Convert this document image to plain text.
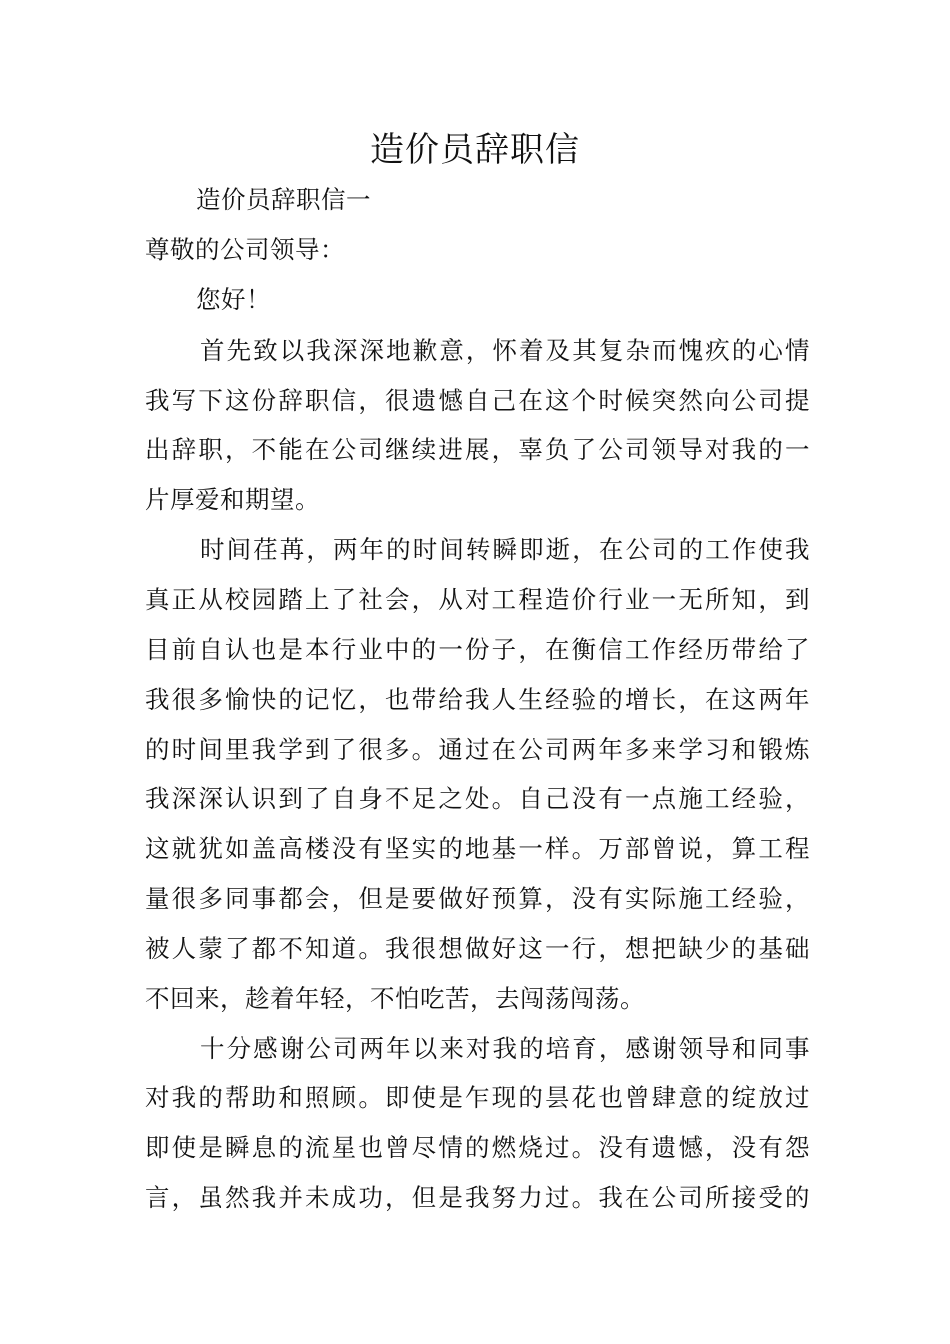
造价员辞职信

造价员辞职信一

尊敬的公司领导：

您好！

首先致以我深深地歉意，怀着及其复杂而愧疚的心情

我写下这份辞职信，很遗憾自己在这个时候突然向公司提

出辞职，不能在公司继续进展，辜负了公司领导对我的一

片厚爱和期望。

时间荏苒，两年的时间转瞬即逝，在公司的工作使我

真正从校园踏上了社会，从对工程造价行业一无所知，到

目前自认也是本行业中的一份子，在衡信工作经历带给了

我很多愉快的记忆，也带给我人生经验的增长，在这两年

的时间里我学到了很多。通过在公司两年多来学习和锻炼

我深深认识到了自身不足之处。自己没有一点施工经验，

这就犹如盖高楼没有坚实的地基一样。万部曾说，算工程

量很多同事都会，但是要做好预算，没有实际施工经验，

被人蒙了都不知道。我很想做好这一行，想把缺少的基础

不回来，趁着年轻，不怕吃苦，去闯荡闯荡。

十分感谢公司两年以来对我的培育，感谢领导和同事

对我的帮助和照顾。即使是乍现的昙花也曾肆意的绽放过

即使是瞬息的流星也曾尽情的燃烧过。没有遗憾，没有怨

言，虽然我并未成功，但是我努力过。我在公司所接受的
